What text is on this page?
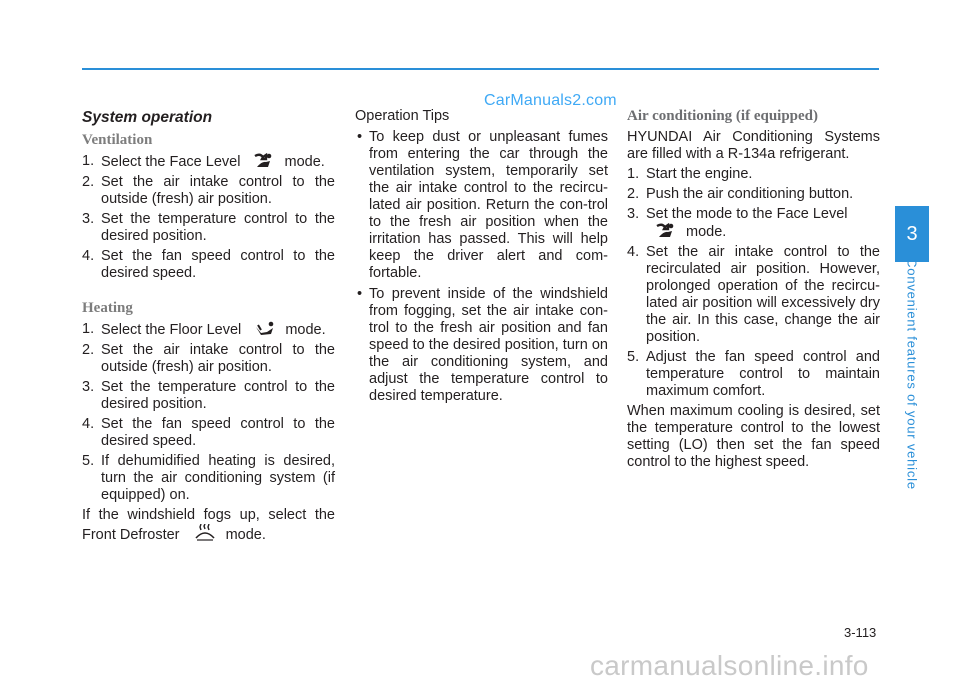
CarManuals2.com
System operation
Ventilation
1. Select the Face Level	mode.
2. Set the air intake control to the outside (fresh) air position.
3. Set the temperature control to the desired position.
4. Set the fan speed control to the desired speed.
Heating
1. Select the Floor Level	mode.
2. Set the air intake control to the outside (fresh) air position.
3. Set the temperature control to the desired position.
4. Set the fan speed control to the desired speed.
5. If dehumidified heating is desired, turn the air conditioning system (if equipped) on.
If the windshield fogs up, select the Front Defroster	mode.
Operation Tips
• To keep dust or unpleasant fumes from entering the car through the ventilation system, temporarily set the air intake control to the recircu-lated air position. Return the con-trol to the fresh air position when the irritation has passed. This will help keep the driver alert and com-fortable.
• To prevent inside of the windshield from fogging, set the air intake con-trol to the fresh air position and fan speed to the desired position, turn on the air conditioning system, and adjust the temperature control to desired temperature.
Air conditioning (if equipped)
HYUNDAI Air Conditioning Systems are filled with a R-134a refrigerant.
1. Start the engine.
2. Push the air conditioning button.
3. Set the mode to the Face Level

mode.
4. Set the air intake control to the recirculated air position. However, prolonged operation of the recircu-lated air position will excessively dry the air. In this case, change the air position.
5. Adjust the fan speed control and temperature control to maintain maximum comfort.
When maximum cooling is desired, set the temperature control to the lowest setting (LO) then set the fan speed control to the highest speed.
3
Convenient features of your vehicle
3-113
carmanualsonline.info
